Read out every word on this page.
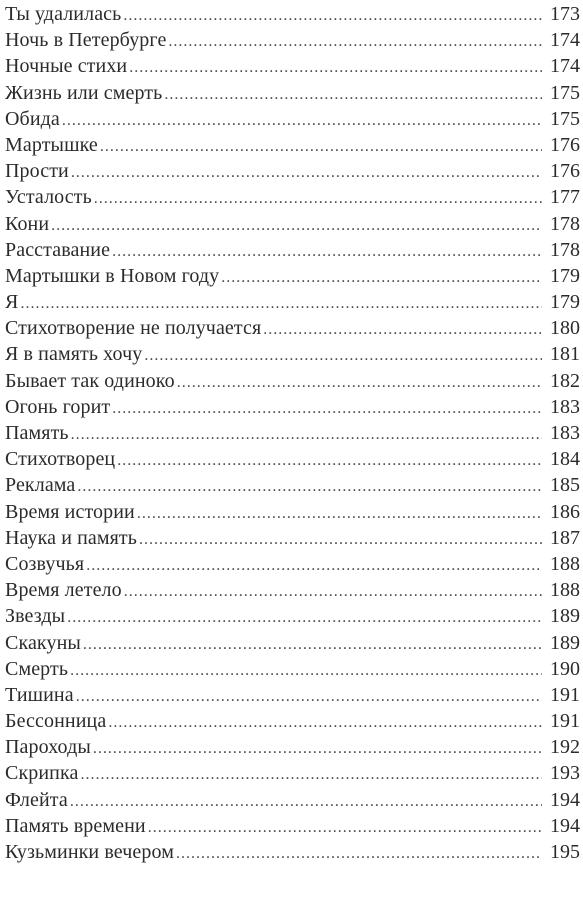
Ты удалилась .....	173
Ночь в Петербурге .....	174
Ночные стихи .....	174
Жизнь или смерть .....	175
Обида .....	175
Мартышке .....	176
Прости .....	176
Усталость .....	177
Кони .....	178
Расставание .....	178
Мартышки в Новом году .....	179
Я .....	179
Стихотворение не получается .....	180
Я в память хочу .....	181
Бывает так одиноко .....	182
Огонь горит .....	183
Память .....	183
Стихотворец .....	184
Реклама .....	185
Время истории .....	186
Наука и память .....	187
Созвучья .....	188
Время летело .....	188
Звезды .....	189
Скакуны .....	189
Смерть .....	190
Тишина .....	191
Бессонница .....	191
Пароходы .....	192
Скрипка .....	193
Флейта .....	194
Память времени .....	194
Кузьминки вечером .....	195
